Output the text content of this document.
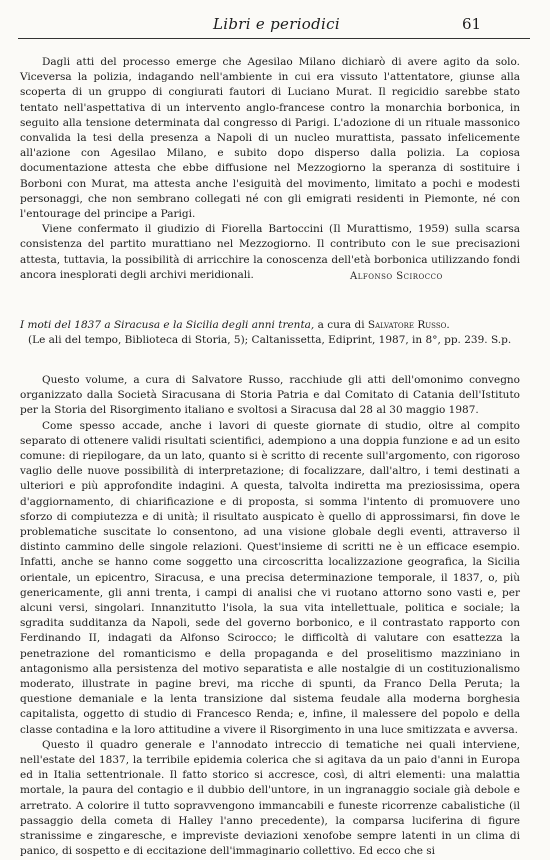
Libri e periodici	61

Dagli atti del processo emerge che Agesilao Milano dichiarò di avere agito da solo. Viceversa la polizia, indagando nell'ambiente in cui era vissuto l'attentatore, giunse alla scoperta di un gruppo di congiurati fautori di Luciano Murat. Il regicidio sarebbe stato tentato nell'aspettativa di un intervento anglo-francese contro la monarchia borbonica, in seguito alla tensione determinata dal congresso di Parigi. L'adozione di un rituale massonico convalida la tesi della presenza a Napoli di un nucleo murattista, passato infelicemente all'azione con Agesilao Milano, e subito dopo disperso dalla polizia. La copiosa documentazione attesta che ebbe diffusione nel Mezzogiorno la speranza di sostituire i Borboni con Murat, ma attesta anche l'esiguità del movimento, limitato a pochi e modesti personaggi, che non sembrano collegati né con gli emigrati residenti in Piemonte, né con l'entourage del principe a Parigi.

Viene confermato il giudizio di Fiorella Bartoccini (Il Murattismo, 1959) sulla scarsa consistenza del partito murattiano nel Mezzogiorno. Il contributo con le sue precisazioni attesta, tuttavia, la possibilità di arricchire la conoscenza dell'età borbonica utilizzando fondi ancora inesplorati degli archivi meridionali.	Alfonso Scirocco
I moti del 1837 a Siracusa e la Sicilia degli anni trenta, a cura di Salvatore Russo.
(Le ali del tempo, Biblioteca di Storia, 5); Caltanissetta, Ediprint, 1987, in 8°, pp. 239. S.p.

Questo volume, a cura di Salvatore Russo, racchiude gli atti dell'omonimo convegno organizzato dalla Società Siracusana di Storia Patria e dal Comitato di Catania dell'Istituto per la Storia del Risorgimento italiano e svoltosi a Siracusa dal 28 al 30 maggio 1987.

Come spesso accade, anche i lavori di queste giornate di studio, oltre al compito separato di ottenere validi risultati scientifici, adempiono a una doppia funzione e ad un esito comune: di riepilogare, da un lato, quanto si è scritto di recente sull'argomento, con rigoroso vaglio delle nuove possibilità di interpretazione; di focalizzare, dall'altro, i temi destinati a ulteriori e più approfondite indagini. A questa, talvolta indiretta ma preziosissima, opera d'aggiornamento, di chiarificazione e di proposta, si somma l'intento di promuovere uno sforzo di compiutezza e di unità; il risultato auspicato è quello di approssimarsi, fin dove le problematiche suscitate lo consentono, ad una visione globale degli eventi, attraverso il distinto cammino delle singole relazioni. Quest'insieme di scritti ne è un efficace esempio. Infatti, anche se hanno come soggetto una circoscritta localizzazione geografica, la Sicilia orientale, un epicentro, Siracusa, e una precisa determinazione temporale, il 1837, o, più genericamente, gli anni trenta, i campi di analisi che vi ruotano attorno sono vasti e, per alcuni versi, singolari. Innanzitutto l'isola, la sua vita intellettuale, politica e sociale; la sgradita sudditanza da Napoli, sede del governo borbonico, e il contrastato rapporto con Ferdinando II, indagati da Alfonso Scirocco; le difficoltà di valutare con esattezza la penetrazione del romanticismo e della propaganda e del proselitismo mazziniano in antagonismo alla persistenza del motivo separatista e alle nostalgie di un costituzionalismo moderato, illustrate in pagine brevi, ma ricche di spunti, da Franco Della Peruta; la questione demaniale e la lenta transizione dal sistema feudale alla moderna borghesia capitalista, oggetto di studio di Francesco Renda; e, infine, il malessere del popolo e della classe contadina e la loro attitudine a vivere il Risorgimento in una luce smitizzata e avversa.

Questo il quadro generale e l'annodato intreccio di tematiche nei quali interviene, nell'estate del 1837, la terribile epidemia colerica che si agitava da un paio d'anni in Europa ed in Italia settentrionale. Il fatto storico si accresce, così, di altri elementi: una malattia mortale, la paura del contagio e il dubbio dell'untore, in un ingranaggio sociale già debole e arretrato. A colorire il tutto sopravvengono immancabili e funeste ricorrenze cabalistiche (il passaggio della cometa di Halley l'anno precedente), la comparsa luciferina di figure stranissime e zingaresche, e impreviste deviazioni xenofobe sempre latenti in un clima di panico, di sospetto e di eccitazione dell'immaginario collettivo. Ed ecco che si
